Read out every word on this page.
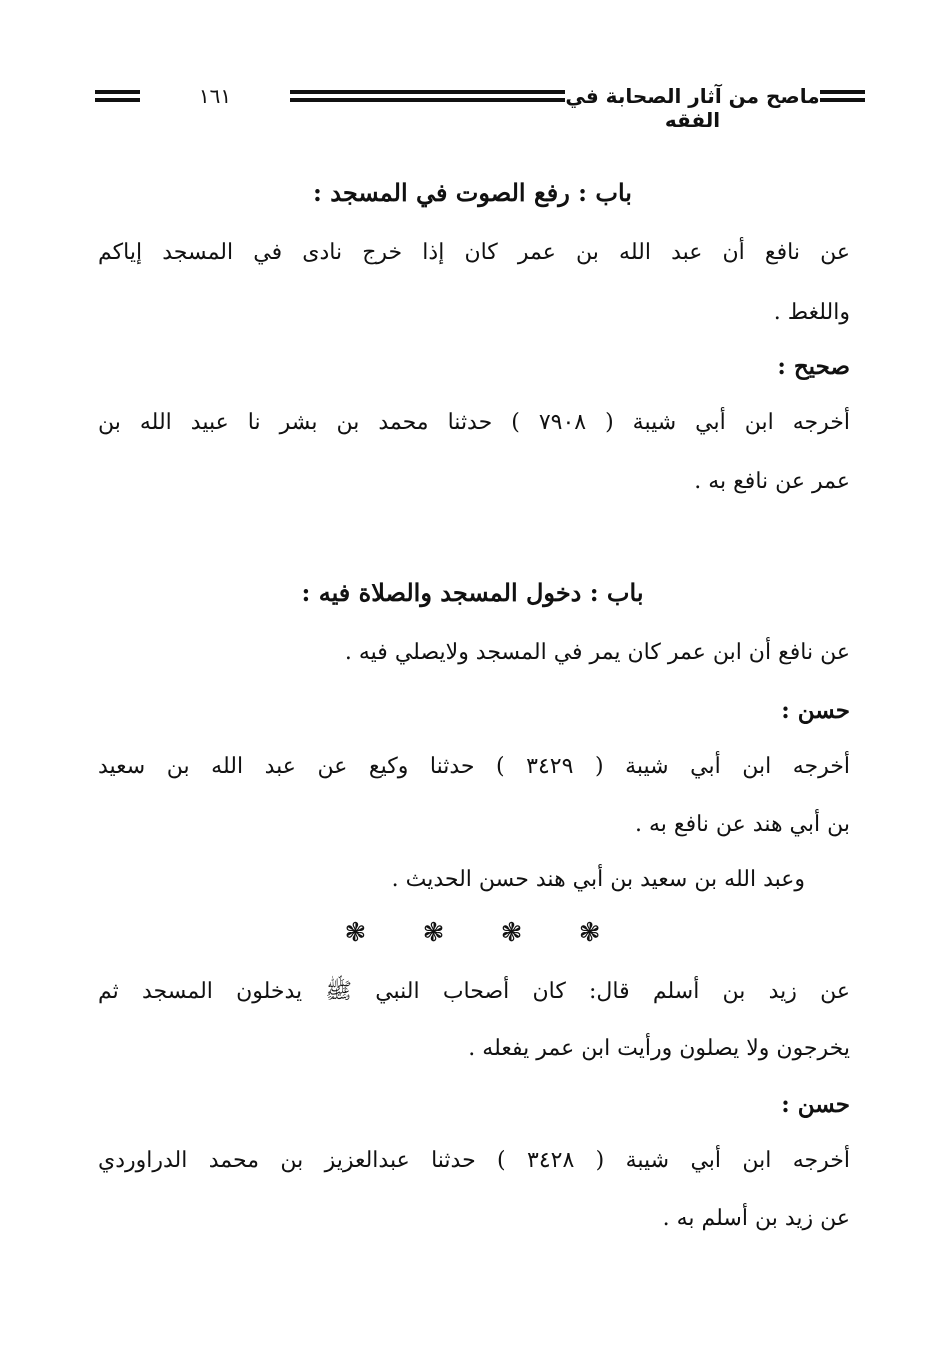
ماصح من آثار الصحابة في الفقه
١٦١
باب : رفع الصوت في المسجد :
عن نافع أن عبد الله بن عمر كان إذا خرج نادى في المسجد إياكم
واللغط .
صحيح :
أخرجه ابن أبي شيبة ( ٧٩٠٨ ) حدثنا محمد بن بشر نا عبيد الله بن
عمر عن نافع به .
باب : دخول المسجد والصلاة فيه :
عن نافع أن ابن عمر كان يمر في المسجد ولايصلي فيه .
حسن :
أخرجه ابن أبي شيبة ( ٣٤٢٩ ) حدثنا وكيع عن عبد الله بن سعيد
بن أبي هند عن نافع به .
وعبد الله بن سعيد بن أبي هند حسن الحديث .
❃ ❃ ❃ ❃
عن زيد بن أسلم قال: كان أصحاب النبي ﷺ يدخلون المسجد ثم
يخرجون ولا يصلون ورأيت ابن عمر يفعله .
حسن :
أخرجه ابن أبي شيبة ( ٣٤٢٨ ) حدثنا عبدالعزيز بن محمد الدراوردي
عن زيد بن أسلم به .
